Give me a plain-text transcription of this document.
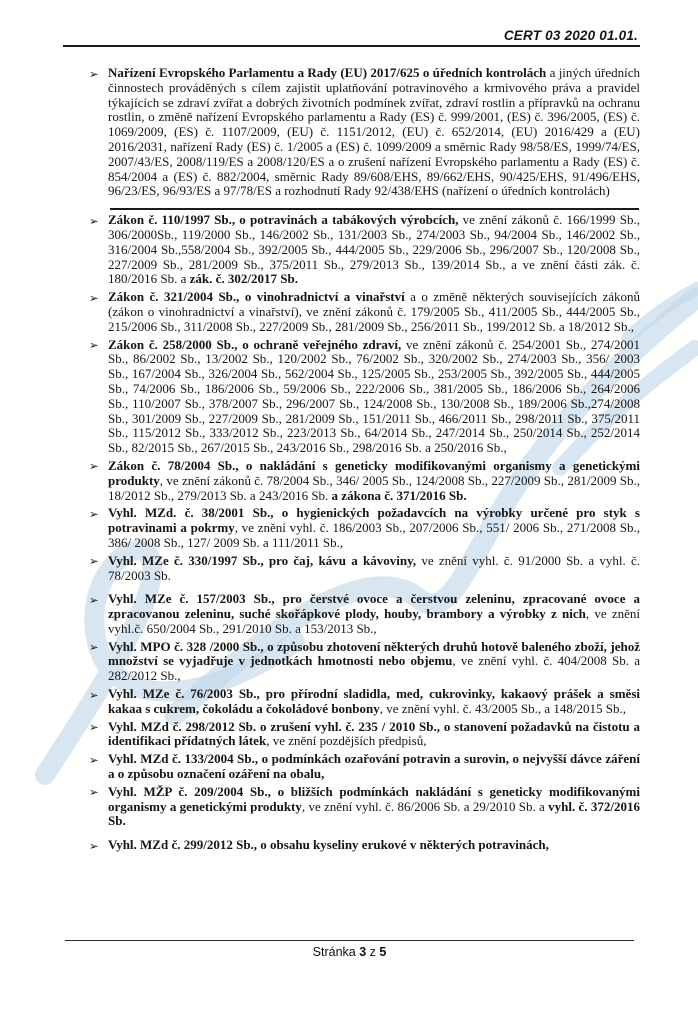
CERT 03 2020 01.01.
➢ Nařízení Evropského Parlamentu a Rady (EU) 2017/625 o úředních kontrolách a jiných úředních činnostech prováděných s cílem zajistit uplatňování potravinového a krmivového práva a pravidel týkajících se zdraví zvířat a dobrých životních podmínek zvířat, zdraví rostlin a přípravků na ochranu rostlin, o změně nařízení Evropského parlamentu a Rady (ES) č. 999/2001, (ES) č. 396/2005, (ES) č. 1069/2009, (ES) č. 1107/2009, (EU) č. 1151/2012, (EU) č. 652/2014, (EU) 2016/429 a (EU) 2016/2031, nařízení Rady (ES) č. 1/2005 a (ES) č. 1099/2009 a směrnic Rady 98/58/ES, 1999/74/ES, 2007/43/ES, 2008/119/ES a 2008/120/ES a o zrušení nařízení Evropského parlamentu a Rady (ES) č. 854/2004 a (ES) č. 882/2004, směrnic Rady 89/608/EHS, 89/662/EHS, 90/425/EHS, 91/496/EHS, 96/23/ES, 96/93/ES a 97/78/ES a rozhodnutí Rady 92/438/EHS (nařízení o úředních kontrolách)
➢ Zákon č. 110/1997 Sb., o potravinách a tabákových výrobcích, ve znění zákonů č. 166/1999 Sb., 306/2000Sb., 119/2000 Sb., 146/2002 Sb., 131/2003 Sb., 274/2003 Sb., 94/2004 Sb., 146/2002 Sb., 316/2004 Sb.,558/2004 Sb., 392/2005 Sb., 444/2005 Sb., 229/2006 Sb., 296/2007 Sb., 120/2008 Sb., 227/2009 Sb., 281/2009 Sb., 375/2011 Sb., 279/2013 Sb., 139/2014 Sb., a ve znění části zák. č. 180/2016 Sb. a zák. č. 302/2017 Sb.
➢ Zákon č. 321/2004 Sb., o vinohradnictví a vinařství a o změně některých souvisejících zákonů (zákon o vinohradnictví a vinařství), ve znění zákonů č. 179/2005 Sb., 411/2005 Sb., 444/2005 Sb., 215/2006 Sb., 311/2008 Sb., 227/2009 Sb., 281/2009 Sb., 256/2011 Sb., 199/2012 Sb. a 18/2012 Sb.,
➢ Zákon č. 258/2000 Sb., o ochraně veřejného zdraví, ve znění zákonů č. 254/2001 Sb., 274/2001 Sb., 86/2002 Sb., 13/2002 Sb., 120/2002 Sb., 76/2002 Sb., 320/2002 Sb., 274/2003 Sb., 356/ 2003 Sb., 167/2004 Sb., 326/2004 Sb., 562/2004 Sb., 125/2005 Sb., 253/2005 Sb., 392/2005 Sb., 444/2005 Sb., 74/2006 Sb., 186/2006 Sb., 59/2006 Sb., 222/2006 Sb., 381/2005 Sb., 186/2006 Sb., 264/2006 Sb., 110/2007 Sb., 378/2007 Sb., 296/2007 Sb., 124/2008 Sb., 130/2008 Sb., 189/2006 Sb.,274/2008 Sb., 301/2009 Sb., 227/2009 Sb., 281/2009 Sb., 151/2011 Sb., 466/2011 Sb., 298/2011 Sb., 375/2011 Sb., 115/2012 Sb., 333/2012 Sb., 223/2013 Sb., 64/2014 Sb., 247/2014 Sb., 250/2014 Sb., 252/2014 Sb., 82/2015 Sb., 267/2015 Sb., 243/2016 Sb., 298/2016 Sb. a 250/2016 Sb.,
➢ Zákon č. 78/2004 Sb., o nakládání s geneticky modifikovanými organismy a genetickými produkty, ve znění zákonů č. 78/2004 Sb., 346/ 2005 Sb., 124/2008 Sb., 227/2009 Sb., 281/2009 Sb., 18/2012 Sb., 279/2013 Sb. a 243/2016 Sb. a zákona č. 371/2016 Sb.
➢ Vyhl. MZd. č. 38/2001 Sb., o hygienických požadavcích na výrobky určené pro styk s potravinami a pokrmy, ve znění vyhl. č. 186/2003 Sb., 207/2006 Sb., 551/ 2006 Sb., 271/2008 Sb., 386/ 2008 Sb., 127/ 2009 Sb. a 111/2011 Sb.,
➢ Vyhl. MZe č. 330/1997 Sb., pro čaj, kávu a kávoviny, ve znění vyhl. č. 91/2000 Sb. a vyhl. č. 78/2003 Sb.
➢ Vyhl. MZe č. 157/2003 Sb., pro čerstvé ovoce a čerstvou zeleninu, zpracované ovoce a zpracovanou zeleninu, suché skořápkové plody, houby, brambory a výrobky z nich, ve znění vyhl.č. 650/2004 Sb., 291/2010 Sb. a 153/2013 Sb.,
➢ Vyhl. MPO č. 328 /2000 Sb., o způsobu zhotovení některých druhů hotově baleného zboží, jehož množství se vyjadřuje v jednotkách hmotnosti nebo objemu, ve znění vyhl. č. 404/2008 Sb. a 282/2012 Sb.,
➢ Vyhl. MZe č. 76/2003 Sb., pro přírodní sladidla, med, cukrovinky, kakaový prášek a směsi kakaa s cukrem, čokoládu a čokoládové bonbony, ve znění vyhl. č. 43/2005 Sb., a 148/2015 Sb.,
➢ Vyhl. MZd č. 298/2012 Sb. o zrušení vyhl. č. 235 / 2010 Sb., o stanovení požadavků na čistotu a identifikaci přídatných látek, ve znění pozdějších předpisů,
➢ Vyhl. MZd č. 133/2004 Sb., o podmínkách ozařování potravin a surovin, o nejvyšší dávce záření a o způsobu označení ozáření na obalu,
➢ Vyhl. MŽP č. 209/2004 Sb., o bližších podmínkách nakládání s geneticky modifikovanými organismy a genetickými produkty, ve znění vyhl. č. 86/2006 Sb. a 29/2010 Sb. a vyhl. č. 372/2016 Sb.
➢ Vyhl. MZd č. 299/2012 Sb., o obsahu kyseliny erukové v některých potravinách,
Stránka 3 z 5
